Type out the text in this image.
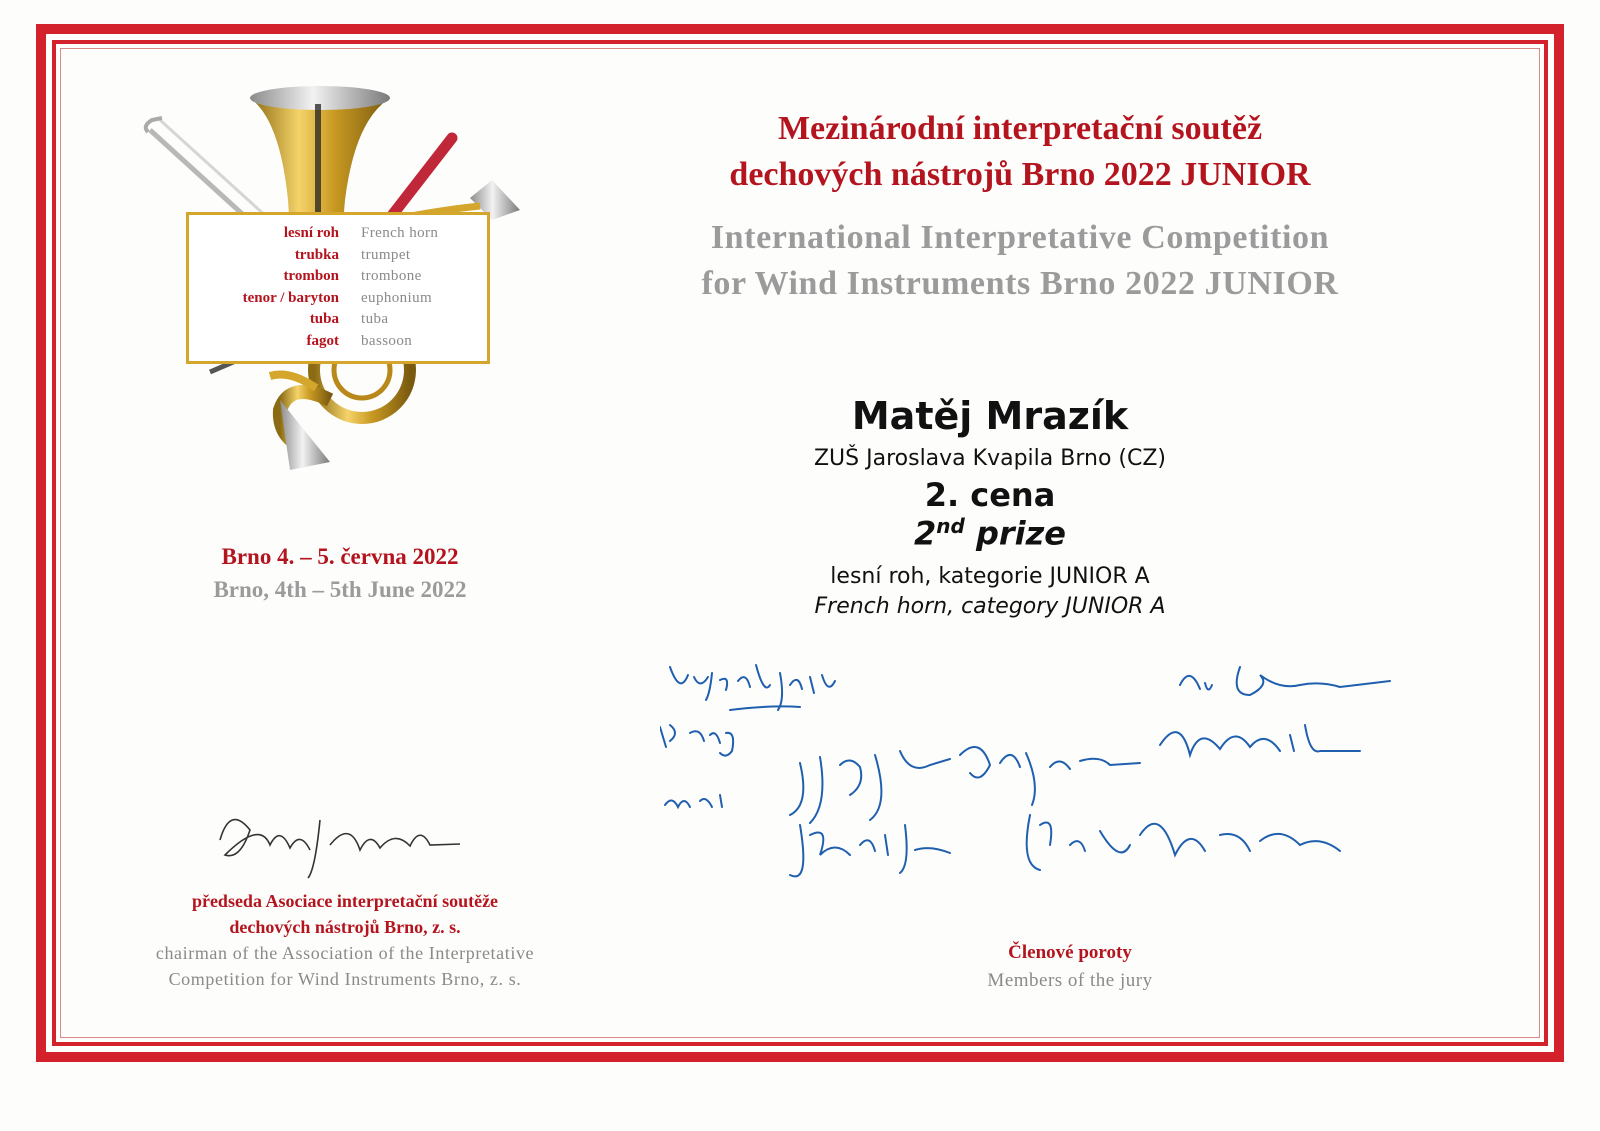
lesní roh	French horn
trubka	trumpet
trombon	trombone
tenor / baryton	euphonium
tuba	tuba
fagot	bassoon
Brno 4. – 5. června 2022
Brno, 4th – 5th June 2022
Mezinárodní interpretační soutěž
dechových nástrojů Brno 2022 JUNIOR
International Interpretative Competition
for Wind Instruments Brno 2022 JUNIOR
Matěj Mrazík
ZUŠ Jaroslava Kvapila Brno (CZ)
2. cena
2nd prize
lesní roh, kategorie JUNIOR A
French horn, category JUNIOR A
předseda Asociace interpretační soutěže
dechových nástrojů Brno, z. s.
chairman of the Association of the Interpretative
Competition for Wind Instruments Brno, z. s.
Členové poroty
Members of the jury
